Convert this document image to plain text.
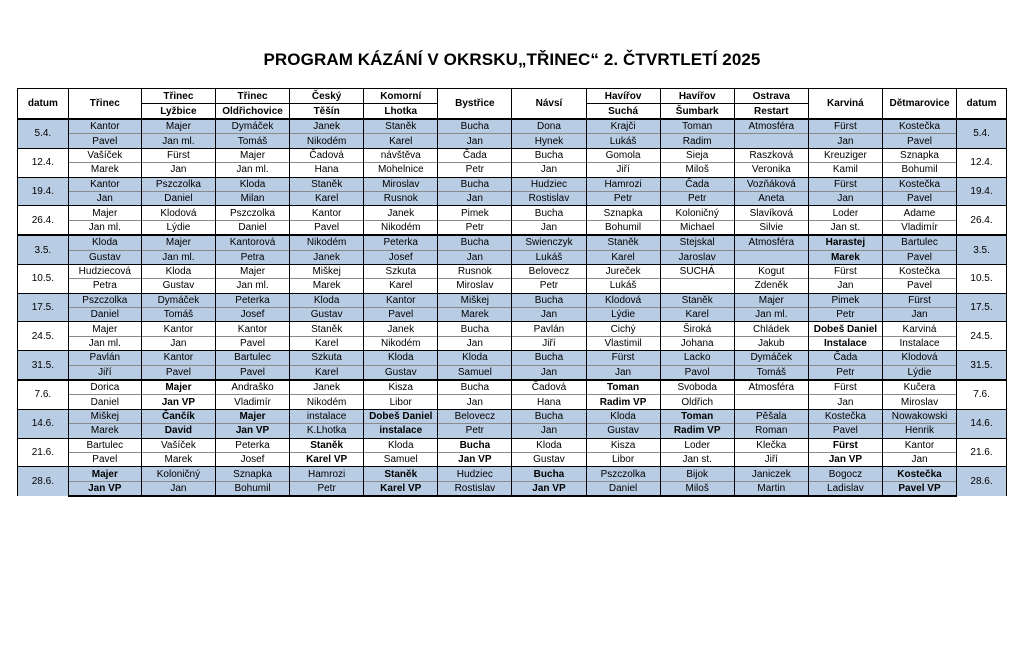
PROGRAM KÁZÁNÍ V OKRSKU„TŘINEC“ 2. ČTVRTLETÍ 2025
datum	Třinec	Třinec	Třinec	Český	Komorní	Bystřice	Návsí	Havířov	Havířov	Ostrava	Karviná	Dětmarovice	datum
		Lyžbice	Oldřichovice	Těšín	Lhotka			Suchá	Šumbark	Restart			
5.4.	Kantor	Majer	Dymáček	Janek	Staněk	Bucha	Dona	Krajči	Toman	Atmosféra	Fürst	Kostečka	5.4.
	Pavel	Jan ml.	Tomáš	Nikodém	Karel	Jan	Hynek	Lukáš	Radim		Jan	Pavel	
12.4.	Vašíček	Fürst	Majer	Čadová	návštěva	Čada	Bucha	Gomola	Sieja	Raszková	Kreuziger	Sznapka	12.4.
	Marek	Jan	Jan ml.	Hana	Mohelnice	Petr	Jan	Jiří	Miloš	Veronika	Kamil	Bohumil	
19.4.	Kantor	Pszczolka	Kloda	Staněk	Miroslav	Bucha	Hudziec	Hamrozi	Čada	Vozňáková	Fürst	Kostečka	19.4.
	Jan	Daniel	Milan	Karel	Rusnok	Jan	Rostislav	Petr	Petr	Aneta	Jan	Pavel	
26.4.	Majer	Klodová	Pszczolka	Kantor	Janek	Pimek	Bucha	Sznapka	Koloničný	Slavíková	Loder	Adame	26.4.
	Jan ml.	Lýdie	Daniel	Pavel	Nikodém	Petr	Jan	Bohumil	Michael	Silvie	Jan st.	Vladimír	
3.5.	Kloda	Majer	Kantorová	Nikodém	Peterka	Bucha	Swienczyk	Staněk	Stejskal	Atmosféra	Harastej	Bartulec	3.5.
	Gustav	Jan ml.	Petra	Janek	Josef	Jan	Lukáš	Karel	Jaroslav		Marek	Pavel	
10.5.	Hudziecová	Kloda	Majer	Miškej	Szkuta	Rusnok	Belovecz	Jureček	SUCHÁ	Kogut	Fürst	Kostečka	10.5.
	Petra	Gustav	Jan ml.	Marek	Karel	Miroslav	Petr	Lukáš		Zdeněk	Jan	Pavel	
17.5.	Pszczolka	Dymáček	Peterka	Kloda	Kantor	Miškej	Bucha	Klodová	Staněk	Majer	Pimek	Fürst	17.5.
	Daniel	Tomáš	Josef	Gustav	Pavel	Marek	Jan	Lýdie	Karel	Jan ml.	Petr	Jan	
24.5.	Majer	Kantor	Kantor	Staněk	Janek	Bucha	Pavlán	Cichý	Široká	Chládek	Dobeš Daniel	Karviná	24.5.
	Jan ml.	Jan	Pavel	Karel	Nikodém	Jan	Jiří	Vlastimil	Johana	Jakub	Instalace	Instalace	
31.5.	Pavlán	Kantor	Bartulec	Szkuta	Kloda	Kloda	Bucha	Fürst	Lacko	Dymáček	Čada	Klodová	31.5.
	Jiří	Pavel	Pavel	Karel	Gustav	Samuel	Jan	Jan	Pavol	Tomáš	Petr	Lýdie	
7.6.	Dorica	Majer	Andraško	Janek	Kisza	Bucha	Čadová	Toman	Svoboda	Atmosféra	Fürst	Kučera	7.6.
	Daniel	Jan VP	Vladimír	Nikodém	Libor	Jan	Hana	Radim VP	Oldřich		Jan	Miroslav	
14.6.	Miškej	Čančík	Majer	instalace	Dobeš Daniel	Belovecz	Bucha	Kloda	Toman	Pěšala	Kostečka	Nowakowski	14.6.
	Marek	David	Jan VP	K.Lhotka	instalace	Petr	Jan	Gustav	Radim VP	Roman	Pavel	Henrik	
21.6.	Bartulec	Vašíček	Peterka	Staněk	Kloda	Bucha	Kloda	Kisza	Loder	Klečka	Fürst	Kantor	21.6.
	Pavel	Marek	Josef	Karel VP	Samuel	Jan VP	Gustav	Libor	Jan st.	Jiří	Jan VP	Jan	
28.6.	Majer	Koloničný	Sznapka	Hamrozi	Staněk	Hudziec	Bucha	Pszczolka	Bijok	Janiczek	Bogocz	Kostečka	28.6.
	Jan VP	Jan	Bohumil	Petr	Karel VP	Rostislav	Jan VP	Daniel	Miloš	Martin	Ladislav	Pavel VP	
